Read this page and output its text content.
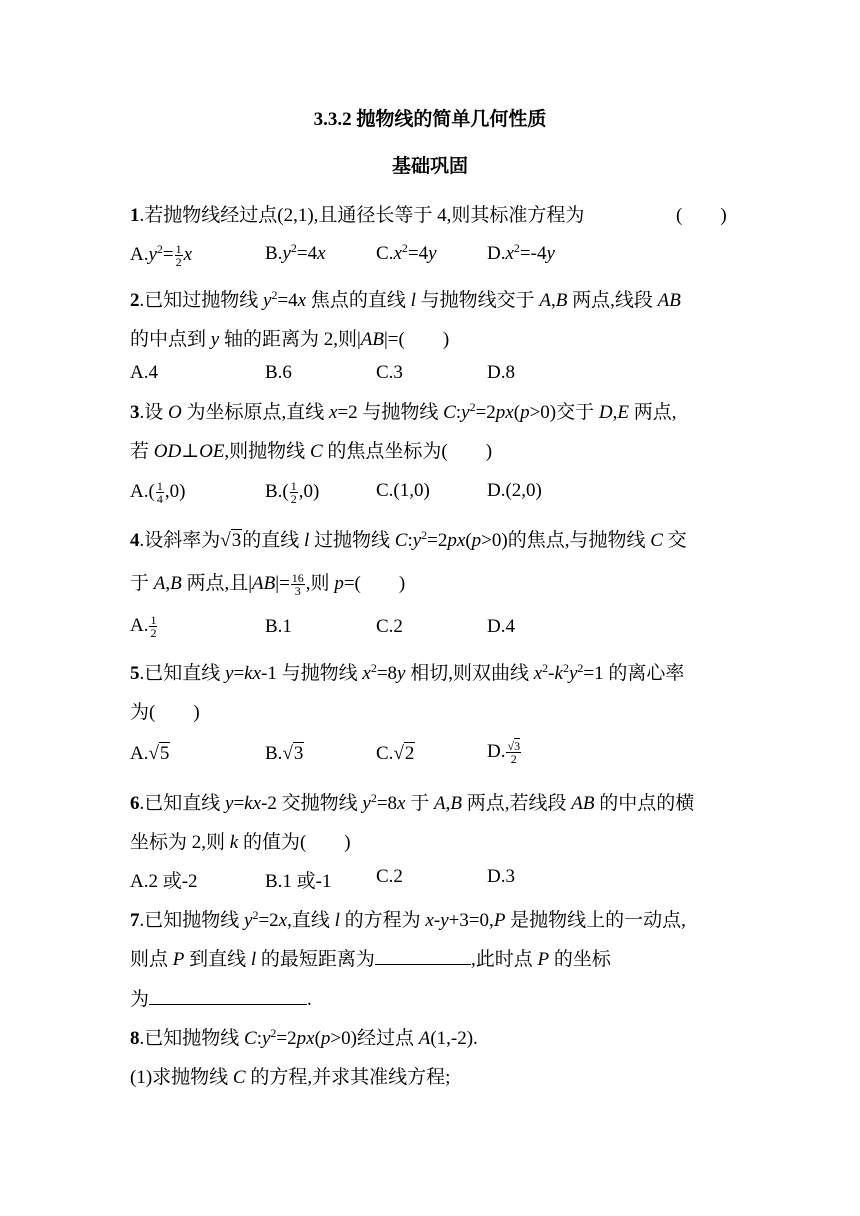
3.3.2 抛物线的简单几何性质
基础巩固
1.若抛物线经过点(2,1),且通径长等于 4,则其标准方程为	(　　)
$A.y^2= \frac{1}{2}$ x	$B.y^2=4x$	$C.x^2=4y$	$D.x^2=-4y$
2.已知过抛物线 $y^2=4x$ 焦点的直线 l 与抛物线交于 A,B 两点,线段 AB
的中点到 y 轴的距离为 2,则|AB|=(　　)
A.4	B.6	C.3	D.8
3.设 O 为坐标原点,直线 x=2 与抛物线 $C:y^2=2px(p>0)$交于 D,E 两点,
若 OD⊥OE,则抛物线 C 的焦点坐标为(　　)
$A.( \frac{1}{4} ,0)$	$B.( \frac{1}{2} ,0)$	C.(1,0)	D.(2,0)
4.设斜率为√3的直线 l 过抛物线 $C:y^2=2px(p>0)$的焦点,与抛物线 C 交
于 A,B 两点,且$|AB|= \frac{16}{3}$ ,则 p=(　　)
A. $\frac{1}{2}$	B.1	C.2	D.4
5.已知直线 y=kx-1 与抛物线 $x^2=8y$ 相切,则双曲线 $x^2-k^2y^2=1$ 的离心率
为(　　)
A.√5	B.√3	C.√2	D. $\frac{√3}{2}$
6.已知直线 y=kx-2 交抛物线 $y^2=8x$ 于 A,B 两点,若线段 AB 的中点的横
坐标为 2,则 k 的值为(　　)
A.2 或-2	B.1 或-1 C.2	D.3
7.已知抛物线 $y^2=2x$,直线 l 的方程为 x-y+3=0,P 是抛物线上的一动点,
则点 P 到直线 l 的最短距离为	,此时点 P 的坐标
为	.
8.已知抛物线 $C:y^2=2px(p>0)$经过点 A(1,-2).
(1)求抛物线 C 的方程,并求其准线方程;
